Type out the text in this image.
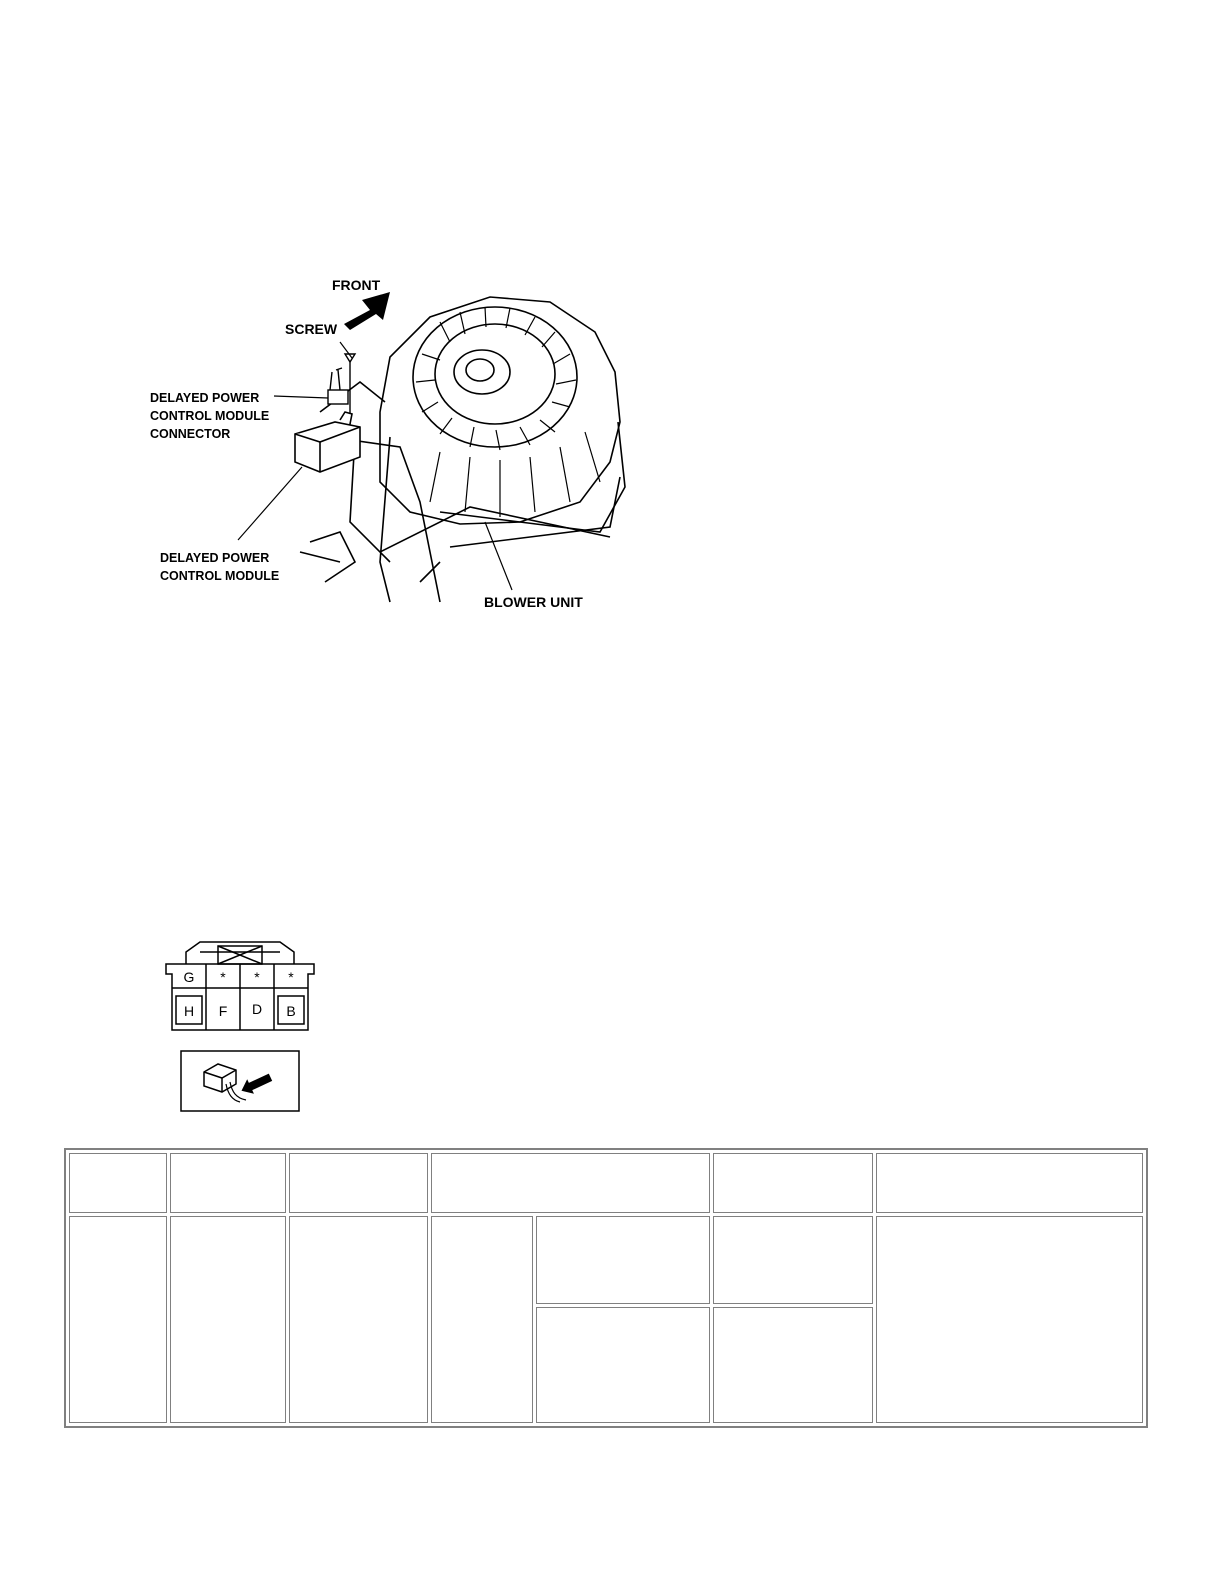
FRONT
SCREW
DELAYED POWER
CONTROL MODULE
CONNECTOR
DELAYED POWER
CONTROL MODULE
BLOWER UNIT
G * * *
H F D B
